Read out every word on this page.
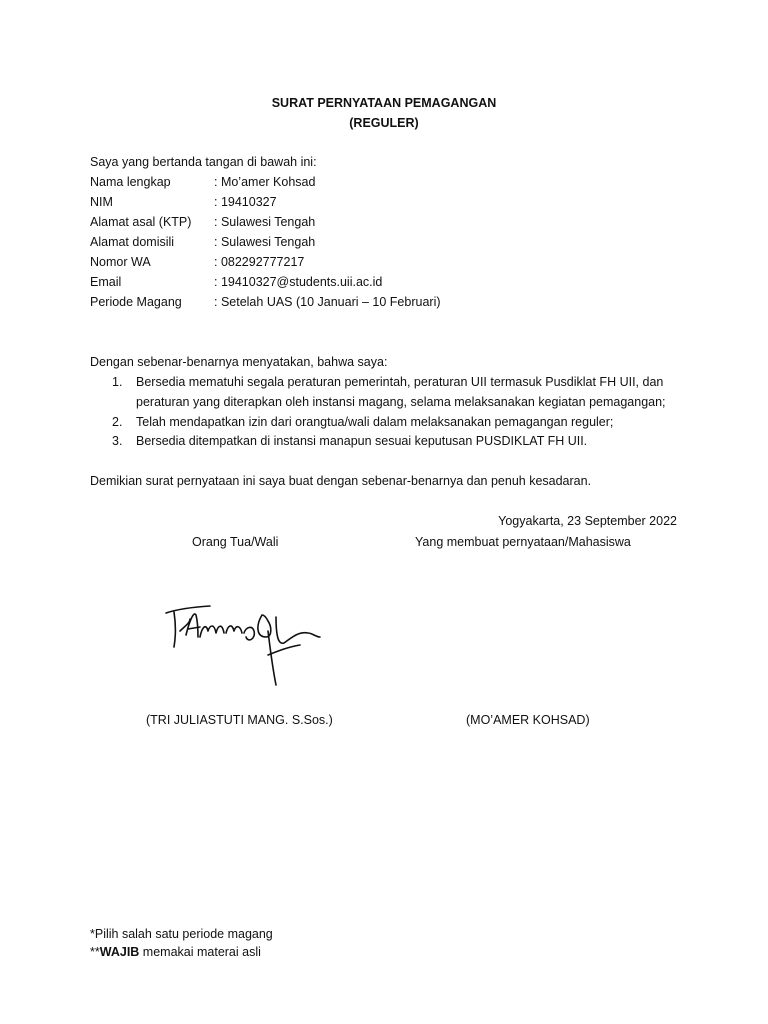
SURAT PERNYATAAN PEMAGANGAN
(REGULER)
Saya yang bertanda tangan di bawah ini:
Nama lengkap	: Mo’amer Kohsad
NIM	: 19410327
Alamat asal (KTP) : Sulawesi Tengah
Alamat domisili	: Sulawesi Tengah
Nomor WA	: 082292777217
Email	: 19410327@students.uii.ac.id
Periode Magang	: Setelah UAS (10 Januari – 10 Februari)
Dengan sebenar-benarnya menyatakan, bahwa saya:
1. Bersedia mematuhi segala peraturan pemerintah, peraturan UII termasuk Pusdiklat FH UII, dan
peraturan yang diterapkan oleh instansi magang, selama melaksanakan kegiatan pemagangan;
2. Telah mendapatkan izin dari orangtua/wali dalam melaksanakan pemagangan reguler;
3. Bersedia ditempatkan di instansi manapun sesuai keputusan PUSDIKLAT FH UII.
Demikian surat pernyataan ini saya buat dengan sebenar-benarnya dan penuh kesadaran.
Yogyakarta, 23 September 2022
Orang Tua/Wali	Yang membuat pernyataan/Mahasiswa
(TRI JULIASTUTI MANG. S.Sos.)	(MO’AMER KOHSAD)
*Pilih salah satu periode magang
**WAJIB memakai materai asli
